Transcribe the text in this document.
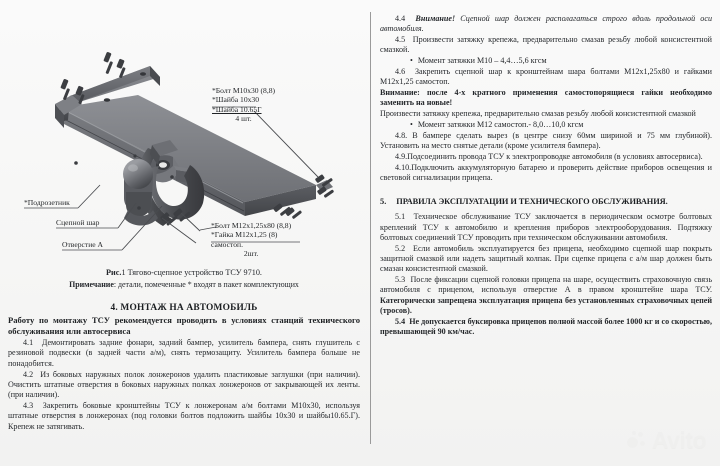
*Болт М10х30 (8,8)
*Шайба 10х30
*Шайба 10.65Г

4 шт.
*Подрозетник
Сцепной шар
Отверстие А
*Болт М12х1,25х80 (8,8)
*Гайка М12х1,25 (8)
самостоп.

2шт.
Рис.1 Тягово-сцепное устройство ТСУ 9710.
Примечание: детали, помеченные * входят в пакет комплектующих
4. МОНТАЖ НА АВТОМОБИЛЬ
Работу по монтажу ТСУ рекомендуется проводить в условиях станций технического обслуживания или автосервиса

4.1 Демонтировать задние фонари, задний бампер, усилитель бампера, снять глушитель с резиновой подвески (в задней части а/м), снять термозащиту. Усилитель бампера больше не понадобится.

4.2 Из боковых наружных полок лонжеронов удалить пластиковые заглушки (при наличии). Очистить штатные отверстия в боковых наружных полках лонжеронов от закрывающей их ленты.(при наличии).

4.3 Закрепить боковые кронштейны ТСУ к лонжеронам а/м болтами М10х30, используя штатные отверстия в лонжеронах (под головки болтов подложить шайбы 10х30 и шайбы10.65.Г). Крепеж не затягивать.

4.4 Внимание! Сцепной шар должен располагаться строго вдоль продольной оси автомобиля.

4.5 Произвести затяжку крепежа, предварительно смазав резьбу любой консистентной смазкой.

• Момент затяжки М10 – 4,4…5,6 кгсм

4.6 Закрепить сцепной шар к кронштейнам шара болтами М12х1,25х80 и гайками М12х1,25 самостоп.

Внимание: после 4-х кратного применения самостопорящиеся гайки необходимо заменить на новые!

Произвести затяжку крепежа, предварительно смазав резьбу любой консистентной смазкой

• Момент затяжки М12 самостоп.- 8,0…10,0 кгсм

4.8. В бампере сделать вырез (в центре снизу 60мм шириной и 75 мм глубиной). Установить на место снятые детали (кроме усилителя бампера).

4.9.Подсоединить провода ТСУ к электропроводке автомобиля (в условиях автосервиса).

4.10.Подключить аккумуляторную батарею и проверить действие приборов освещения и световой сигнализации прицепа.

5. ПРАВИЛА ЭКСПЛУАТАЦИИ И ТЕХНИЧЕСКОГО ОБСЛУЖИВАНИЯ.

5.1 Техническое обслуживание ТСУ заключается в периодическом осмотре болтовых креплений ТСУ к автомобилю и крепления приборов электрооборудования. Подтяжку болтовых соединений ТСУ проводить при техническом обслуживании автомобиля.

5.2 Если автомобиль эксплуатируется без прицепа, необходимо сцепной шар покрыть защитной смазкой или надеть защитный колпак. При сцепке прицепа с а/м шар должен быть смазан консистентной смазкой.

5.3 После фиксации сцепной головки прицепа на шаре, осуществить страховочную связь автомобиля с прицепом, используя отверстие А в правом кронштейне шара ТСУ. Категорически запрещена эксплуатация прицепа без установленных страховочных цепей (тросов).

5.4 Не допускается буксировка прицепов полной массой более 1000 кг и со скоростью, превышающей 90 км/час.

Avito
